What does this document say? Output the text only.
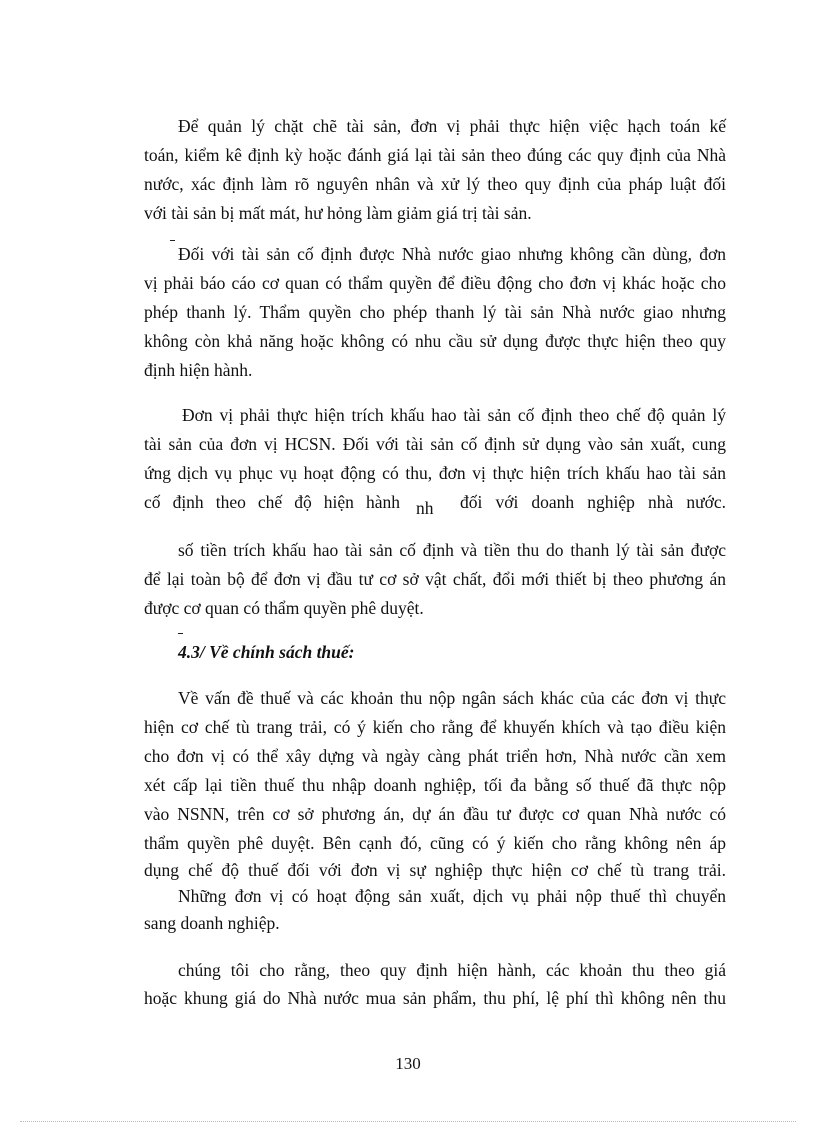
Để quản lý chặt chẽ tài sản, đơn vị phải thực hiện việc hạch toán kế
toán, kiểm kê định kỳ hoặc đánh giá lại tài sản theo đúng các quy định của Nhà
nước, xác định làm rõ nguyên nhân và xử lý theo quy định của pháp luật đối
với tài sản bị mất mát, hư hỏng làm giảm giá trị tài sản.
Đối với tài sản cố định được Nhà nước giao nhưng không cần dùng, đơn
vị phải báo cáo cơ quan có thẩm quyền để điều động cho đơn vị khác hoặc cho
phép thanh lý. Thẩm quyền cho phép thanh lý tài sản Nhà nước giao nhưng
không còn khả năng hoặc không có nhu cầu sử dụng được thực hiện theo quy
định hiện hành.
Đơn vị phải thực hiện trích khấu hao tài sản cố định theo chế độ quản lý
tài sản của đơn vị HCSN. Đối với tài sản cố định sử dụng vào sản xuất, cung
ứng dịch vụ phục vụ hoạt động có thu, đơn vị thực hiện trích khấu hao tài sản
cố định theo chế độ hiện hành nh đối với doanh nghiệp nhà nước.
số tiền trích khấu hao tài sản cố định và tiền thu do thanh lý tài sản được
để lại toàn bộ để đơn vị đầu tư cơ sở vật chất, đổi mới thiết bị theo phương án
được cơ quan có thẩm quyền phê duyệt.
4.3/ Về chính sách thuế:
Về vấn đề thuế và các khoản thu nộp ngân sách khác của các đơn vị thực
hiện cơ chế tù trang trải, có ý kiến cho rằng để khuyến khích và tạo điều kiện
cho đơn vị có thể xây dựng và ngày càng phát triển hơn, Nhà nước cần xem
xét cấp lại tiền thuế thu nhập doanh nghiệp, tối đa bằng số thuế đã thực nộp
vào NSNN, trên cơ sở phương án, dự án đầu tư được cơ quan Nhà nước có
thẩm quyền phê duyệt. Bên cạnh đó, cũng có ý kiến cho rằng không nên áp
dụng chế độ thuế đối với đơn vị sự nghiệp thực hiện cơ chế tù trang trải.
Những đơn vị có hoạt động sản xuất, dịch vụ phải nộp thuế thì chuyển
sang doanh nghiệp.
chúng tôi cho rằng, theo quy định hiện hành, các khoản thu theo giá
hoặc khung giá do Nhà nước mua sản phẩm, thu phí, lệ phí thì không nên thu
130
